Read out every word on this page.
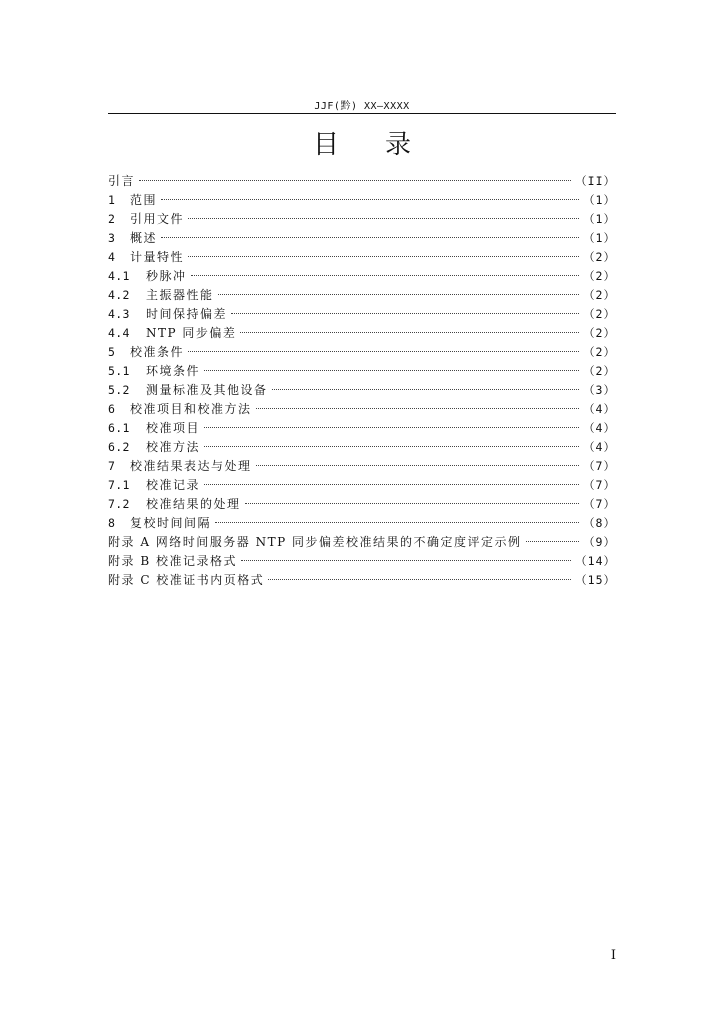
JJF(黔) XX—XXXX
目录
引言	（II）
1	范围	（1）
2	引用文件	（1）
3	概述	（1）
4	计量特性	（2）
4.1	秒脉冲	（2）
4.2	主振器性能	（2）
4.3	时间保持偏差	（2）
4.4	NTP 同步偏差	（2）
5	校准条件	（2）
5.1	环境条件	（2）
5.2	测量标准及其他设备	（3）
6	校准项目和校准方法	（4）
6.1	校准项目	（4）
6.2	校准方法	（4）
7	校准结果表达与处理	（7）
7.1	校准记录	（7）
7.2	校准结果的处理	（7）
8	复校时间间隔	（8）
附录 A 网络时间服务器 NTP 同步偏差校准结果的不确定度评定示例	（9）
附录 B 校准记录格式	（14）
附录 C 校准证书内页格式	（15）
I
